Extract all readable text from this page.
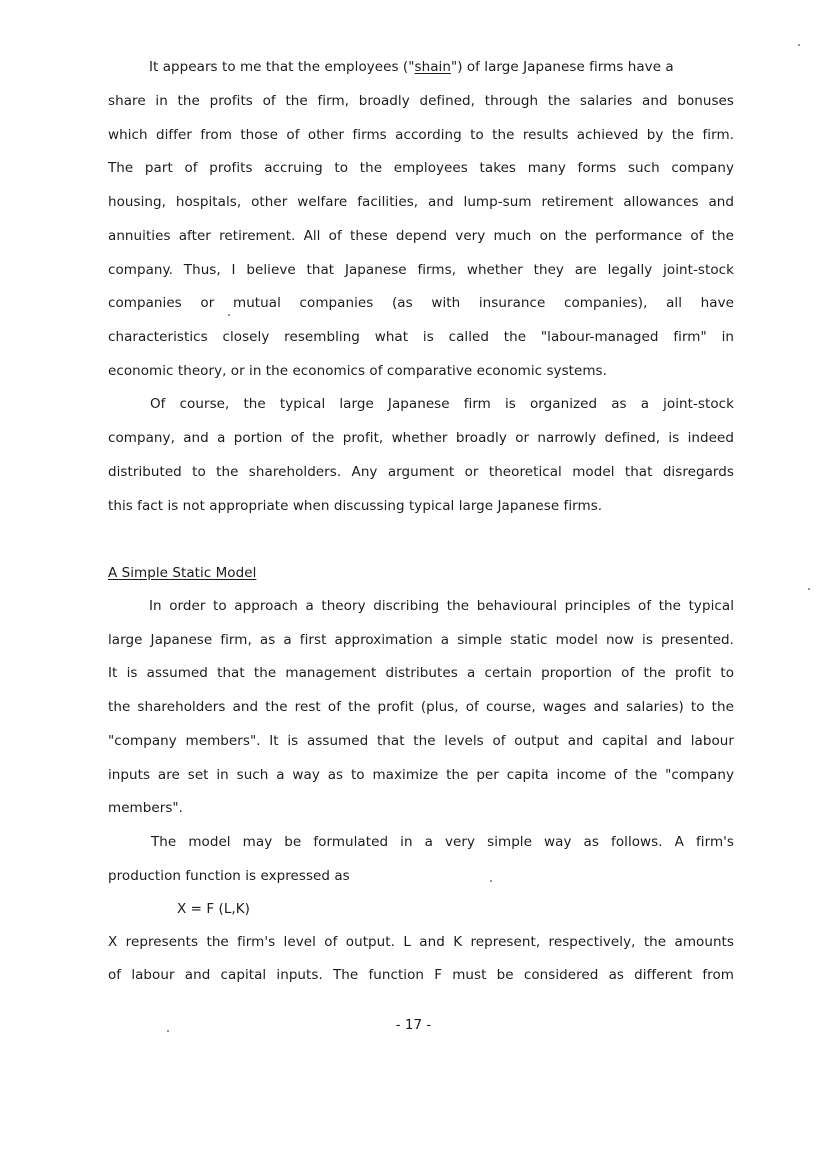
It appears to me that the employees ("shain") of large Japanese firms have a
share in the profits of the firm, broadly defined, through the salaries and bonuses
which differ from those of other firms according to the results achieved by the firm.
The part of profits accruing to the employees takes many forms such company
housing, hospitals, other welfare facilities, and lump-sum retirement allowances and
annuities after retirement. All of these depend very much on the performance of the
company. Thus, I believe that Japanese firms, whether they are legally joint-stock
companies or mutual companies (as with insurance companies), all have
characteristics closely resembling what is called the "labour-managed firm" in
economic theory, or in the economics of comparative economic systems.
Of course, the typical large Japanese firm is organized as a joint-stock
company, and a portion of the profit, whether broadly or narrowly defined, is indeed
distributed to the shareholders. Any argument or theoretical model that disregards
this fact is not appropriate when discussing typical large Japanese firms.
A Simple Static Model
In order to approach a theory discribing the behavioural principles of the typical
large Japanese firm, as a first approximation a simple static model now is presented.
It is assumed that the management distributes a certain proportion of the profit to
the shareholders and the rest of the profit (plus, of course, wages and salaries) to the
"company members". It is assumed that the levels of output and capital and labour
inputs are set in such a way as to maximize the per capita income of the "company
members".
The model may be formulated in a very simple way as follows. A firm's
production function is expressed as
X = F (L,K)
X represents the firm's level of output. L and K represent, respectively, the amounts
of labour and capital inputs. The function F must be considered as different from
- 17 -
